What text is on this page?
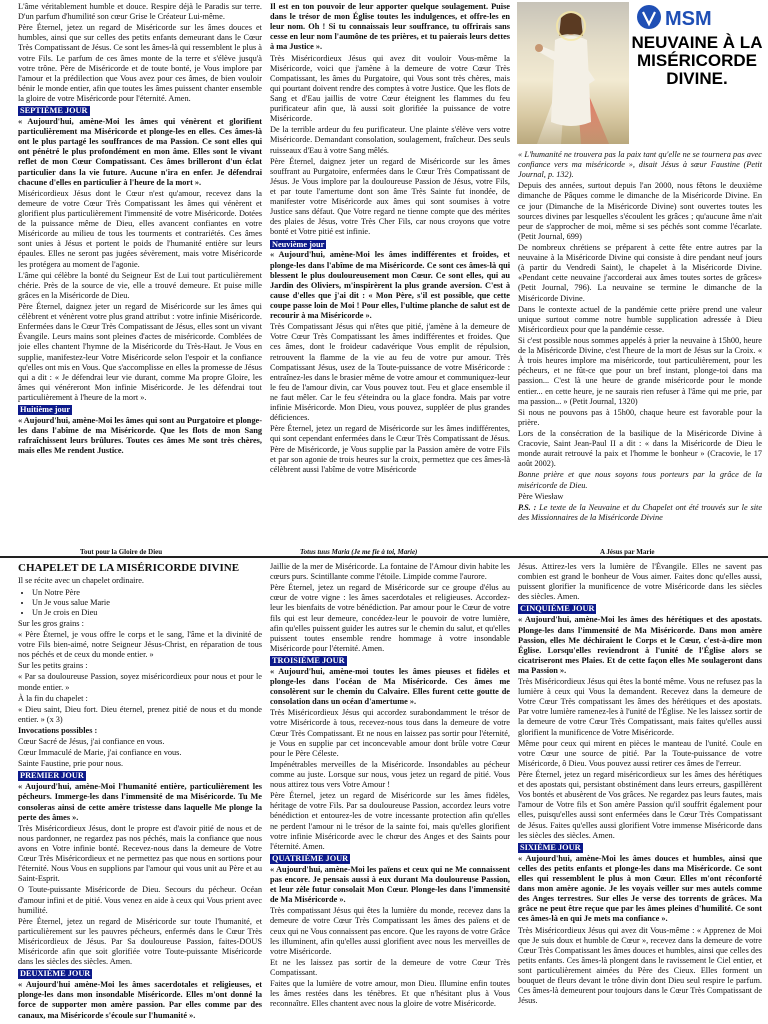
L'âme véritablement humble et douce. Respire déjà le Paradis sur terre. D'un parfum d'humilité son cœur Grise le Créateur Lui-même.

Père Éternel, jetez un regard de Miséricorde sur les âmes douces et humbles, ainsi que sur celles des petits enfants demeurant dans le Cœur Très Compatissant de Jésus. Ce sont les âmes-là qui ressemblent le plus à votre Fils. Le parfum de ces âmes monte de la terre et s'élève jusqu'à votre trône. Père de Miséricorde et de toute bonté, je Vous implore par l'amour et la prédilection que Vous avez pour ces âmes, de bien vouloir bénir le monde entier, afin que toutes les âmes puissent chanter ensemble la gloire de votre Miséricorde pour l'éternité. Amen.

SEPTIÈME JOUR

« Aujourd'hui, amène-Moi les âmes qui vénèrent et glorifient particulièrement ma Miséricorde et plonge-les en elles. Ces âmes-là ont le plus partagé les souffrances de ma Passion. Ce sont elles qui ont pénétré le plus profondément en mon âme. Elles sont le vivant reflet de mon Cœur Compatissant. Ces âmes brilleront d'un éclat particulier dans la vie future. Aucune n'ira en enfer. Je défendrai chacune d'elles en particulier à l'heure de la mort ».

Miséricordieux Jésus dont le Cœur n'est qu'amour, recevez dans la demeure de votre Cœur Très Compatissant les âmes qui vénèrent et glorifient plus particulièrement l'immensité de votre Miséricorde. Dotées de la puissance même de Dieu, elles avancent confiantes en votre Miséricorde au milieu de tous les tourments et contrariétés. Ces âmes sont unies à Jésus et portent le poids de l'humanité entière sur leurs épaules. Elles ne seront pas jugées sévèrement, mais votre Miséricorde les protégera au moment de l'agonie.

L'âme qui célèbre la bonté du Seigneur Est de Lui tout particulièrement chérie. Près de la source de vie, elle a trouvé demeure. Et puise mille grâces en la Miséricorde de Dieu.

Père Éternel, daignez jeter un regard de Miséricorde sur les âmes qui célèbrent et vénèrent votre plus grand attribut : votre infinie Miséricorde. Enfermées dans le Cœur Très Compatissant de Jésus, elles sont un vivant Évangile. Leurs mains sont pleines d'actes de miséricorde. Comblées de joie elles chantent l'hymne de la Miséricorde du Très-Haut. Je Vous en supplie, manifestez-leur Votre Miséricorde selon l'espoir et la confiance qu'elles ont mis en Vous. Que s'accomplisse en elles la promesse de Jésus qui a dit : « Je défendrai leur vie durant, comme Ma propre Gloire, les âmes qui vénéreront Mon infinie Miséricorde. Je les défendrai tout particulièrement à l'heure de la mort ».

Huitième jour

« Aujourd'hui, amène-Moi les âmes qui sont au Purgatoire et plonge-les dans l'abîme de ma Miséricorde. Que les flots de mon Sang rafraîchissent leurs brûlures. Toutes ces âmes Me sont très chères, mais elles Me rendent Justice.

Il est en ton pouvoir de leur apporter quelque soulagement. Puise dans le trésor de mon Église toutes les indulgences, et offre-les en leur nom. Oh ! Si tu connaissais leur souffrance, tu offrirais sans cesse en leur nom l'aumône de tes prières, et tu paierais leurs dettes à ma Justice ».

Très Miséricordieux Jésus qui avez dit vouloir Vous-même la Miséricorde, voici que j'amène à la demeure de votre Cœur Très Compatissant, les âmes du Purgatoire, qui Vous sont très chères, mais qui pourtant doivent rendre des comptes à votre Justice. Que les flots de Sang et d'Eau jaillis de votre Cœur éteignent les flammes du feu purificateur afin que, là aussi soit glorifiée la puissance de votre Miséricorde.

De la terrible ardeur du feu purificateur. Une plainte s'élève vers votre Miséricorde. Demandant consolation, soulagement, fraîcheur. Des seuls ruisseaux d'Eau à votre Sang mêlés.

Père Éternel, daignez jeter un regard de Miséricorde sur les âmes souffrant au Purgatoire, enfermées dans le Cœur Très Compatissant de Jésus. Je Vous implore par la douloureuse Passion de Jésus, votre Fils, et par toute l'amertume dont son âme Très Sainte fut inondée, de manifester votre Miséricorde aux âmes qui sont soumises à votre Justice sans défaut. Que Votre regard ne tienne compte que des mérites des plaies de Jésus, votre Très Cher Fils, car nous croyons que votre bonté et Votre pitié est infinie.

Neuvième jour

« Aujourd'hui, amène-Moi les âmes indifférentes et froides, et plonge-les dans l'abîme de ma Miséricorde. Ce sont ces âmes-là qui blessent le plus douloureusement mon Cœur. Ce sont elles, qui au Jardin des Oliviers, m'inspirèrent la plus grande aversion. C'est à cause d'elles que j'ai dit : « Mon Père, s'il est possible, que cette coupe passe loin de Moi ! Pour elles, l'ultime planche de salut est de recourir à ma Miséricorde ».

Très Compatissant Jésus qui n'êtes que pitié, j'amène à la demeure de Votre Cœur Très Compatissant les âmes indifférentes et froides. Que ces âmes, dont le froideur cadavérique Vous emplit de répulsion, retrouvent la flamme de la vie au feu de votre pur amour. Très Compatissant Jésus, usez de la Toute-puissance de votre Miséricorde : entraînez-les dans le brasier même de votre amour et communiquez-leur le feu de l'amour divin, car Vous pouvez tout. Feu et glace ensemble il ne faut mêler. Car le feu s'éteindra ou la glace fondra. Mais par votre infinie Miséricorde. Mon Dieu, vous pouvez, suppléer de plus grandes déficiences.

Père Éternel, jetez un regard de Miséricorde sur les âmes indifférentes, qui sont cependant enfermées dans le Cœur Très Compatissant de Jésus. Père de Miséricorde, je Vous supplie par la Passion amère de votre Fils et par son agonie de trois heures sur la croix, permettez que ces âmes-là célèbrent aussi l'abîme de votre Miséricorde

MSM
NEUVAINE À LA MISÉRICORDE DIVINE.

« L'humanité ne trouvera pas la paix tant qu'elle ne se tournera pas avec confiance vers ma miséricorde », disait Jésus à sœur Faustine (Petit Journal, p. 132).

Depuis des années, surtout depuis l'an 2000, nous fêtons le deuxième dimanche de Pâques comme le dimanche de la Miséricorde Divine. En ce jour (Dimanche de la Miséricorde Divine) sont ouvertes toutes les sources divines par lesquelles s'écoulent les grâces ; qu'aucune âme n'ait peur de s'approcher de moi, même si ses péchés sont comme l'écarlate. (Petit Journal, 699)

De nombreux chrétiens se préparent à cette fête entre autres par la neuvaine à la Miséricorde Divine qui consiste à dire pendant neuf jours (à partir du Vendredi Saint), le chapelet à la Miséricorde Divine. «Pendant cette neuvaine j'accorderai aux âmes toutes sortes de grâces» (Petit Journal, 796). La neuvaine se termine le dimanche de la Miséricorde Divine.

Dans le contexte actuel de la pandémie cette prière prend une valeur unique surtout comme notre humble supplication adressée à Dieu Miséricordieux pour que la pandémie cesse.

Si c'est possible nous sommes appelés à prier la neuvaine à 15h00, heure de la Miséricorde Divine, c'est l'heure de la mort de Jésus sur la Croix. « À trois heures implore ma miséricorde, tout particulièrement, pour les pécheurs, et ne fût-ce que pour un bref instant, plonge-toi dans ma passion... C'est là une heure de grande miséricorde pour le monde entier... en cette heure, je ne saurais rien refuser à l'âme qui me prie, par ma passion... » (Petit Journal, 1320)

Si nous ne pouvons pas à 15h00, chaque heure est favorable pour la prière.

Lors de la consécration de la basilique de la Miséricorde Divine à Cracovie, Saint Jean-Paul II a dit : « dans la Miséricorde de Dieu le monde aurait retrouvé la paix et l'homme le bonheur » (Cracovie, le 17 août 2002).

Bonne prière et que nous soyons tous porteurs par la grâce de la miséricorde de Dieu.

Père Wiesław

P.S. : Le texte de la Neuvaine et du Chapelet ont été trouvés sur le site des Missionnaires de la Miséricorde Divine

Tout pour la Gloire de Dieu	Totus tuus Maria (Je me fie à toi, Marie)	A Jésus par Marie

CHAPELET DE LA MISÉRICORDE DIVINE

Il se récite avec un chapelet ordinaire.

• Un Notre Père
• Un Je vous salue Marie
• Un Je crois en Dieu

Sur les gros grains :

« Père Éternel, je vous offre le corps et le sang, l'âme et la divinité de votre Fils bien-aimé, notre Seigneur Jésus-Christ, en réparation de tous nos péchés et de ceux du monde entier. »

Sur les petits grains :

« Par sa douloureuse Passion, soyez miséricordieux pour nous et pour le monde entier. »

À la fin du chapelet :

« Dieu saint, Dieu fort. Dieu éternel, prenez pitié de nous et du monde entier. » (x 3)

Invocations possibles :

Cœur Sacré de Jésus, j'ai confiance en vous.

Cœur Immaculé de Marie, j'ai confiance en vous.

Sainte Faustine, prie pour nous.

PREMIER JOUR

« Aujourd'hui, amène-Moi l'humanité entière, particulièrement les pécheurs. Immerge-les dans l'immensité de ma Miséricorde. Tu Me consoleras ainsi de cette amère tristesse dans laquelle Me plonge la perte des âmes ».

Très Miséricordieux Jésus, dont le propre est d'avoir pitié de nous et de nous pardonner, ne regardez pas nos péchés, mais la confiance que nous avons en Votre infinie bonté. Recevez-nous dans la demeure de Votre Cœur Très Miséricordieux et ne permettez pas que nous en sortions pour l'éternité. Nous Vous en supplions par l'amour qui vous unit au Père et au Saint-Esprit.

O Toute-puissante Miséricorde de Dieu. Secours du pécheur. Océan d'amour infini et de pitié. Vous venez en aide à ceux qui Vous prient avec humilité.

Père Éternel, jetez un regard de Miséricorde sur toute l'humanité, et particulièrement sur les pauvres pécheurs, enfermés dans le Cœur Très Miséricordieux de Jésus. Par Sa douloureuse Passion, faites-DOUS Miséricorde afin que soit glorifiée votre Toute-puissante Miséricorde dans les siècles des siècles. Amen.

DEUXIÈME JOUR

« Aujourd'hui amène-Moi les âmes sacerdotales et religieuses, et plonge-les dans mon insondable Miséricorde. Elles m'ont donné la force de supporter mon amère passion. Par elles comme par des canaux, ma Miséricorde s'écoule sur l'humanité ».

Jaillie de la mer de Miséricorde. La fontaine de l'Amour divin habite les cœurs purs. Scintillante comme l'étoile. Limpide comme l'aurore.

Père Éternel, jetez un regard de Miséricorde sur ce groupe d'élus au cœur de votre vigne : les âmes sacerdotales et religieuses. Accordez-leur les bienfaits de votre bénédiction. Par amour pour le Cœur de votre fils qui est leur demeure, concédez-leur le pouvoir de votre lumière, afin qu'elles puissent guider les autres sur le chemin du salut, et qu'elles puissent toutes ensemble rendre hommage à votre insondable Miséricorde pour l'éternité. Amen.

TROISIÈME JOUR

« Aujourd'hui, amène-moi toutes les âmes pieuses et fidèles et plonge-les dans l'océan de Ma Miséricorde. Ces âmes me consolèrent sur le chemin du Calvaire. Elles furent cette goutte de consolation dans un océan d'amertume ».

Très Miséricordieux Jésus qui accordez surabondamment le trésor de votre Miséricorde à tous, recevez-nous tous dans la demeure de votre Cœur Très Compatissant. Et ne nous en laissez pas sortir pour l'éternité, je Vous en supplie par cet inconcevable amour dont brûle votre Cœur pour le Père Céleste.

Impénétrables merveilles de la Miséricorde. Insondables au pécheur comme au juste. Lorsque sur nous, vous jetez un regard de pitié. Vous nous attirez tous vers Votre Amour !

Père Éternel, jetez un regard de Miséricorde sur les âmes fidèles, héritage de votre Fils. Par sa douloureuse Passion, accordez leurs votre bénédiction et entourez-les de votre incessante protection afin qu'elles ne perdent l'amour ni le trésor de la sainte foi, mais qu'elles glorifient votre infinie Miséricorde avec le chœur des Anges et des Saints pour l'éternité. Amen.

QUATRIÈME JOUR

« Aujourd'hui, amène-Moi les païens et ceux qui ne Me connaissent pas encore. Je pensais aussi à eux durant Ma douloureuse Passion, et leur zèle futur consolait Mon Cœur. Plonge-les dans l'immensité de Ma Miséricorde ».

Très compatissant Jésus qui êtes la lumière du monde, recevez dans la demeure de votre Cœur Très Compatissant les âmes des païens et de ceux qui ne Vous connaissent pas encore. Que les rayons de votre Grâce les illuminent, afin qu'elles aussi glorifient avec nous les merveilles de votre Miséricorde.

Et ne les laissez pas sortir de la demeure de votre Cœur Très Compatissant.

Faites que la lumière de votre amour, mon Dieu. Illumine enfin toutes les âmes restées dans les ténèbres. Et que n'hésitant plus à Vous reconnaître. Elles chantent avec nous la gloire de votre Miséricorde.

Jésus. Attirez-les vers la lumière de l'Évangile. Elles ne savent pas combien est grand le bonheur de Vous aimer. Faites donc qu'elles aussi, puissent glorifier la munificence de votre Miséricorde dans les siècles des siècles. Amen.

CINQUIÈME JOUR

« Aujourd'hui, amène-Moi les âmes des hérétiques et des apostats. Plonge-les dans l'immensité de Ma Miséricorde. Dans mon amère Passion, elles Me déchiraient le Corps et le Cœur, c'est-à-dire mon Église. Lorsqu'elles reviendront à l'unité de l'Église alors se cicatriseront mes Plaies. Et de cette façon elles Me soulageront dans ma Passion ».

Très Miséricordieux Jésus qui êtes la bonté même. Vous ne refusez pas la lumière à ceux qui Vous la demandent. Recevez dans la demeure de Votre Cœur Très compatissant les âmes des hérétiques et des apostats. Par votre lumière ramenez-les à l'unité de l'Église. Ne les laissez sortir de la demeure de votre Cœur Très Compatissant, mais faites qu'elles aussi glorifient la munificence de Votre Miséricorde.

Même pour ceux qui mirent en pièces le manteau de l'unité. Coule en votre Cœur une source de pitié. Par la Toute-puissance de votre Miséricorde, ô Dieu. Vous pouvez aussi retirer ces âmes de l'erreur.

Père Éternel, jetez un regard miséricordieux sur les âmes des hérétiques et des apostats qui, persistant obstinément dans leurs erreurs, gaspillèrent Vos bontés et abusèrent de Vos grâces. Ne regardez pas leurs fautes, mais l'amour de Votre fils et Son amère Passion qu'il souffrit également pour elles, puisqu'elles aussi sont enfermées dans le Cœur Très Compatissant de Jésus. Faites qu'elles aussi glorifient Votre immense Miséricorde dans les siècles des siècles. Amen.

SIXIÈME JOUR

« Aujourd'hui, amène-Moi les âmes douces et humbles, ainsi que celles des petits enfants et plonge-les dans ma Miséricorde. Ce sont elles qui ressemblent le plus à mon Cœur. Elles m'ont réconforté dans mon amère agonie. Je les voyais veiller sur mes autels comme des Anges terrestres. Sur elles Je verse des torrents de grâces. Ma grâce ne peut être reçue que par les âmes pleines d'humilité. Ce sont ces âmes-là en qui Je mets ma confiance ».

Très Miséricordieux Jésus qui avez dit Vous-même : « Apprenez de Moi que Je suis doux et humble de Cœur », recevez dans la demeure de votre Cœur Très Compatissant les âmes douces et humbles, ainsi que celles des petits enfants. Ces âmes-là plongent dans le ravissement le Ciel entier, et sont particulièrement aimées du Père des Cieux. Elles forment un bouquet de fleurs devant le trône divin dont Dieu seul respire le parfum. Ces âmes-là demeurent pour toujours dans le Cœur Très Compatissant de Jésus.
